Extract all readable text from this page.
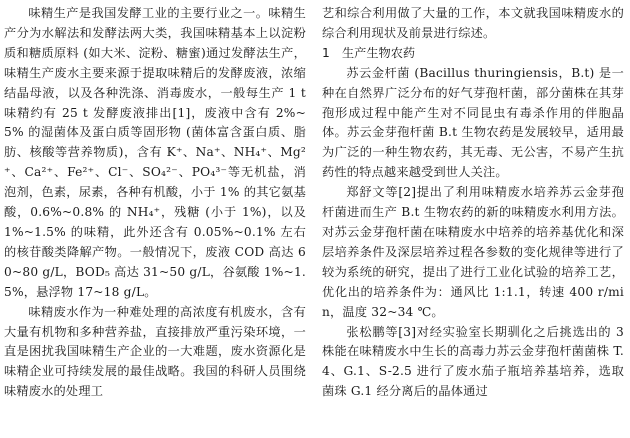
味精生产是我国发酵工业的主要行业之一。味精生产分为水解法和发酵法两大类，我国味精基本上以淀粉质和糖质原料 (如大米、淀粉、糖蜜)通过发酵法生产，味精生产废水主要来源于提取味精后的发酵废液，浓缩结晶母液，以及各种洗涤、消毒废水，一般每生产 1 t 味精约有 25 t 发酵废液排出[1]，废液中含有 2%~5% 的湿菌体及蛋白质等固形物 (菌体富含蛋白质、脂肪、核酸等营养物质)，含有 K⁺、Na⁺、NH₄⁺、Mg²⁺、Ca²⁺、Fe²⁺、Cl⁻、SO₄²⁻、PO₄³⁻等无机盐，消泡剂，色素，尿素，各种有机酸，小于 1% 的其它氨基酸，0.6%~0.8% 的 NH₄⁺，残糖 (小于 1%)，以及 1%~1.5% 的味精，此外还含有 0.05%~0.1% 左右的核苷酸类降解产物。一般情况下，废液 COD 高达 60~80 g/L，BOD₅ 高达 31~50 g/L，谷氨酸 1%~1.5%，悬浮物 17~18 g/L。

味精废水作为一种难处理的高浓度有机废水，含有大量有机物和多种营养盐，直接排放严重污染环境，一直是困扰我国味精生产企业的一大难题，废水资源化是味精企业可持续发展的最佳战略。我国的科研人员围绕味精废水的处理工

艺和综合利用做了大量的工作，本文就我国味精废水的综合利用现状及前景进行综述。

1　生产生物农药

苏云金杆菌 (Bacillus thuringiensis，B.t) 是一种在自然界广泛分布的好气芽孢杆菌，部分菌株在其芽孢形成过程中能产生对不同昆虫有毒杀作用的伴胞晶体。苏云金芽孢杆菌 B.t 生物农药是发展较早，适用最为广泛的一种生物农药，其无毒、无公害，不易产生抗药性的特点越来越受到世人关注。

郑舒文等[2]提出了利用味精废水培养苏云金芽孢杆菌进而生产 B.t 生物农药的新的味精废水利用方法。对苏云金芽孢杆菌在味精废水中培养的培养基优化和深层培养条件及深层培养过程各参数的变化规律等进行了较为系统的研究，提出了进行工业化试验的培养工艺，优化出的培养条件为：通风比 1:1.1，转速 400 r/min，温度 32~34 ℃。

张松鹏等[3]对经实验室长期驯化之后挑选出的 3 株能在味精废水中生长的高毒力苏云金芽孢杆菌菌株 T.4、G.1、S-2.5 进行了废水茄子瓶培养基培养，选取菌珠 G.1 经分离后的晶体通过
